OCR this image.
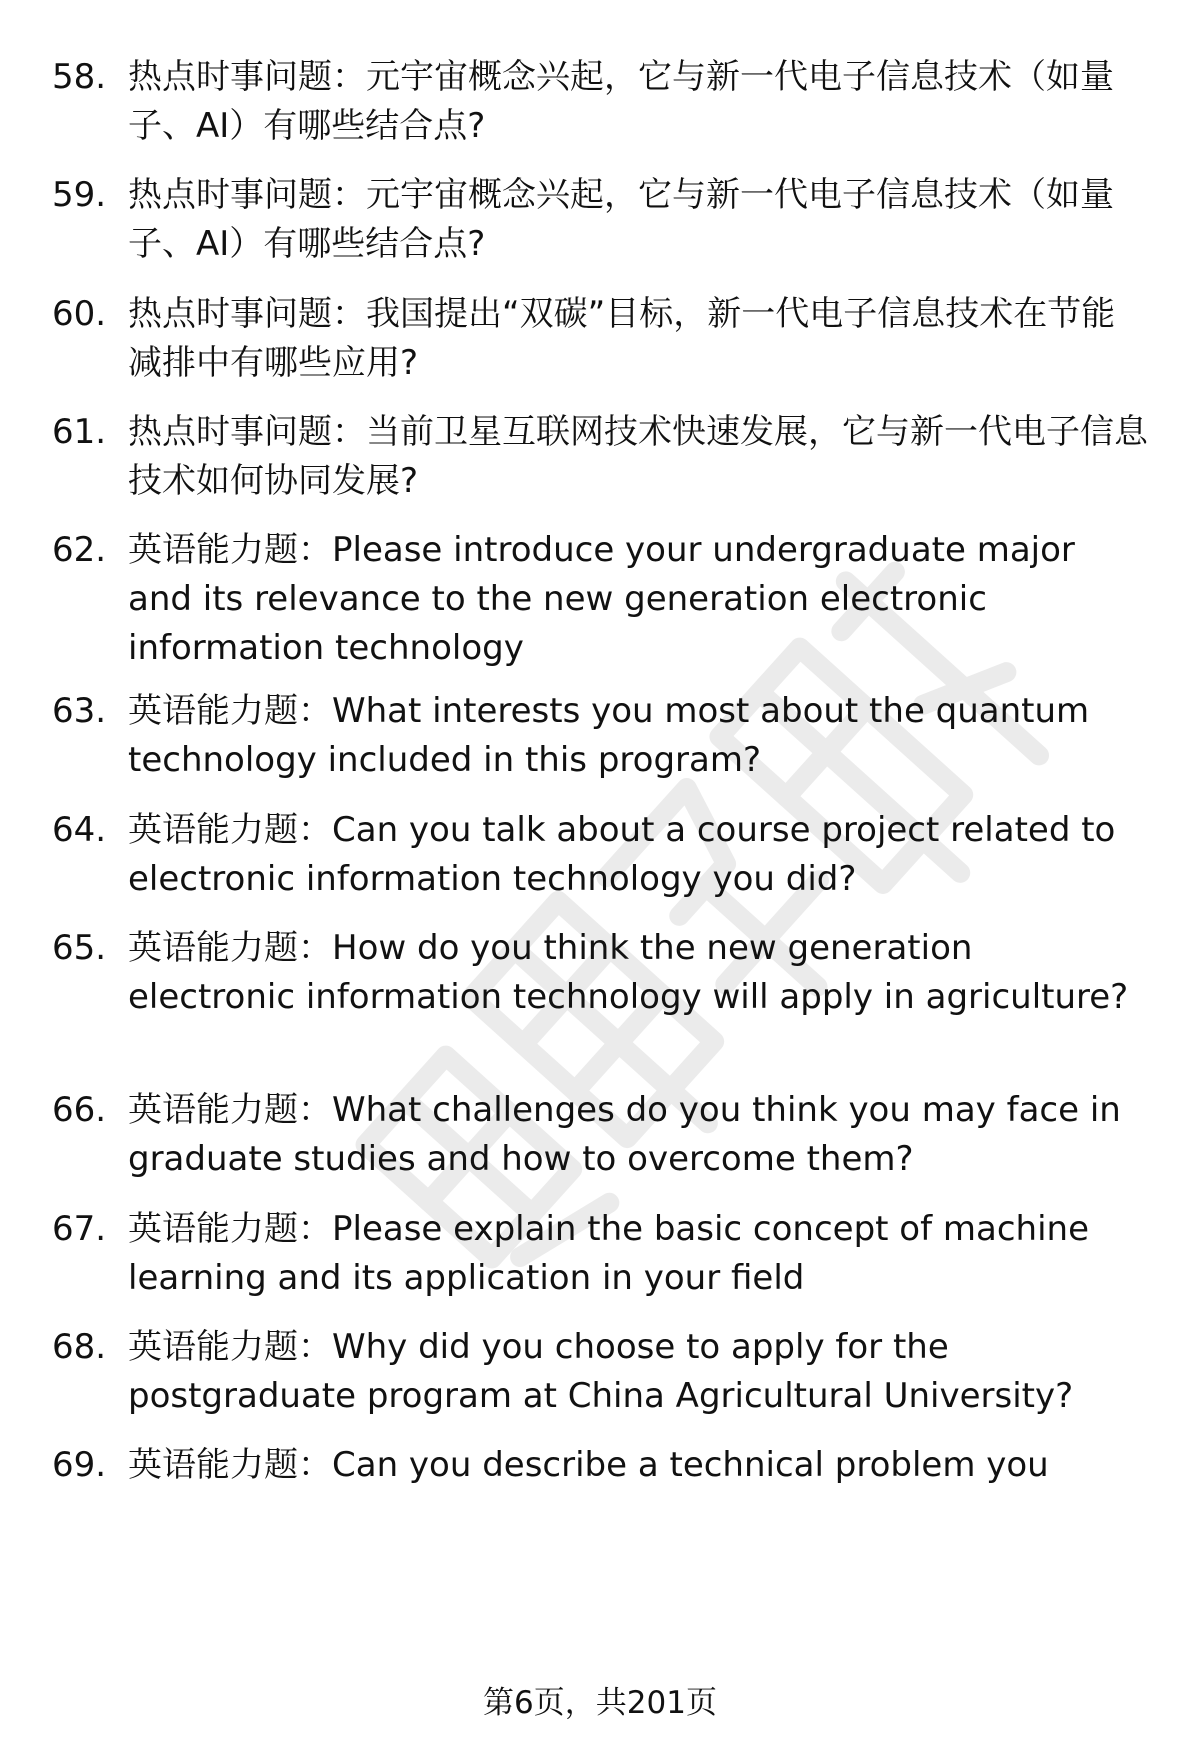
58. 热点时事问题：元宇宙概念兴起，它与新一代电子信息技术（如量子、AI）有哪些结合点?
59. 热点时事问题：元宇宙概念兴起，它与新一代电子信息技术（如量子、AI）有哪些结合点?
60. 热点时事问题：我国提出“双碳”目标，新一代电子信息技术在节能减排中有哪些应用?
61. 热点时事问题：当前卫星互联网技术快速发展，它与新一代电子信息技术如何协同发展?
62. 英语能力题：Please introduce your undergraduate major and its relevance to the new generation electronic information technology
63. 英语能力题：What interests you most about the quantum technology included in this program?
64. 英语能力题：Can you talk about a course project related to electronic information technology you did?
65. 英语能力题：How do you think the new generation electronic information technology will apply in agriculture?
66. 英语能力题：What challenges do you think you may face in graduate studies and how to overcome them?
67. 英语能力题：Please explain the basic concept of machine learning and its application in your field
68. 英语能力题：Why did you choose to apply for the postgraduate program at China Agricultural University?
69. 英语能力题：Can you describe a technical problem you
第6页，共201页
